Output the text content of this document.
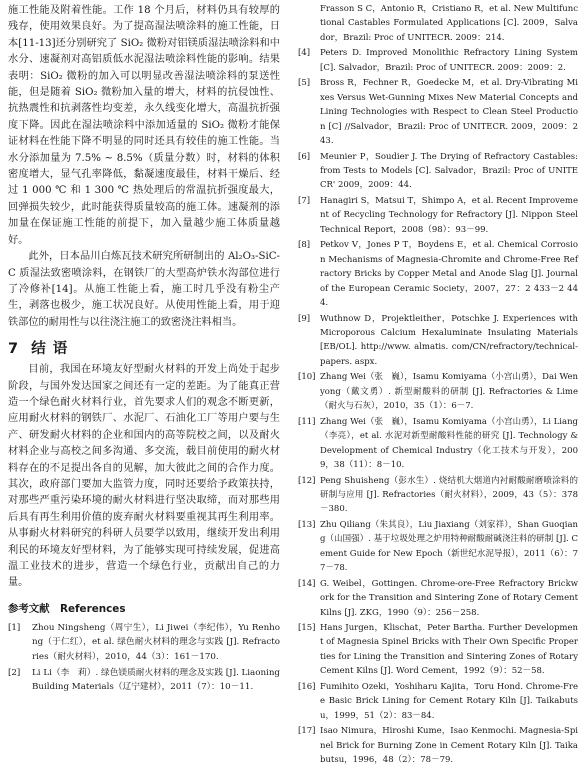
施工性能及附着性能。工作 18 个月后，材料仍具有较厚的残存，使用效果良好。为了提高湿法喷涂料的施工性能，日本[11-13]还分别研究了 SiO₂ 微粉对铝镁质湿法喷涂料和中水分、速凝剂对高铝质低水泥湿法喷涂料性能的影响。结果表明：SiO₂ 微粉的加入可以明显改善湿法喷涂料的泵送性能，但是随着 SiO₂ 微粉加入量的增大，材料的抗侵蚀性、抗热震性和抗剥落性均变差，永久线变化增大，高温抗折强度下降。因此在湿法喷涂料中添加适量的 SiO₂ 微粉才能保证材料在性能下降不明显的同时还具有较佳的施工性能。当水分添加量为 7.5% ~ 8.5%（质量分数）时，材料的体积密度增大，显气孔率降低，黏凝速度最佳，材料干燥后、经过 1 000 ℃ 和 1 300 ℃ 热处理后的常温抗折强度最大，回弹损失较少，此时能获得质量较高的施工体。速凝剂的添加量在保证施工性能的前提下，加入量越少施工体质量越好。

此外，日本品川白炼瓦技术研究所研制出的 Al₂O₃-SiC-C 质湿法致密喷涂料，在钢铁厂的大型高炉铁水沟部位进行了冷修补[14]。从施工性能上看，施工时几乎没有粉尘产生，剥落也极少，施工状况良好。从使用性能上看，用于迎铁部位的耐用性与以往浇注施工的致密浇注料相当。

7 结 语

目前，我国在环境友好型耐火材料的开发上尚处于起步阶段，与国外发达国家之间还有一定的差距。为了能真正营造一个绿色耐火材料行业，首先要求人们的观念不断更新，应用耐火材料的钢铁厂、水泥厂、石油化工厂等用户要与生产、研发耐火材料的企业和国内的高等院校之间，以及耐火材料企业与高校之间多沟通、多交流，载目前使用的耐火材料存在的不足提出各自的见解，加大彼此之间的合作力度。其次，政府部门要加大监管力度，同时还要给予政策扶持，对那些严重污染环境的耐火材料进行坚决取缔，而对那些用后具有再生利用价值的废弃耐火材料要重视其再生利用率。从事耐火材料研究的科研人员要学以致用，继续开发出利用利民的环境友好型材料，为了能够实现可持续发展，促进高温工业技术的进步，营造一个绿色行业，贡献出自己的力量。

参考文献　References
[1]	Zhou Ningsheng（周宁生），Li Jiwei（李纪伟），Yu Renhong（于仁红），et al. 绿色耐火材料的理念与实践 [J]. Refractories（耐火材料），2010，44（3）：161－170.
[2]	Li Li（李　莉）. 绿色镁质耐火材料的理念及实践 [J]. Liaoning Building Materials（辽宁建材），2011（7）：10－11.
Frasson S C，Antonio R，Cristiano R，et al. New Multifunctional Castables Formulated Applications [C]. 2009，Salvador，Brazil: Proc of UNITECR. 2009：214.
[4]	Peters D. Improved Monolithic Refractory Lining System [C]. Salvador，Brazil: Proc of UNITECR. 2009：2009：2.
[5]	Bross R，Fechner R，Goedecke M，et al. Dry-Vibrating Mixes Versus Wet-Gunning Mixes New Material Concepts and Lining Technologies with Respect to Clean Steel Production [C] //Salvador，Brazil: Proc of UNITECR. 2009，2009：243.
[6]	Meunier P，Soudier J. The Drying of Refractory Castables: from Tests to Models [C]. Salvador，Brazil: Proc of UNITECR' 2009，2009：44.
[7]	Hanagiri S，Matsui T，Shimpo A，et al. Recent Improvement of Recycling Technology for Refractory [J]. Nippon Steel Technical Report，2008（98）：93－99.
[8]	Petkov V，Jones P T，Boydens E，et al. Chemical Corrosion Mechanisms of Magnesia-Chromite and Chrome-Free Refractory Bricks by Copper Metal and Anode Slag [J]. Journal of the European Ceramic Society，2007，27：2 433－2 444.
[9]	Wuthnow D，Projektleither，Potschke J. Experiences with Microporous Calcium Hexaluminate Insulating Materials [EB/OL]. http://www. almatis. com/CN/refractory/technical-papers. aspx.
[10] Zhang Wei（张　巍），Isamu Komiyama（小宫山勇），Dai Wenyong（戴文勇）. 新型耐酸料的研制 [J]. Refractories & Lime（耐火与石灰），2010，35（1）：6－7.
[11] Zhang Wei（张　巍），Isamu Komiyama（小宫山勇），Li Liang（李亮），et al. 水泥对新型耐酸料性能的研究 [J]. Technology & Development of Chemical Industry（化工技术与开发），2009，38（11）：8－10.
[12] Peng Shuisheng（彭水生）. 烧结机大烟道内衬耐酸耐磨喷涂料的研制与应用 [J]. Refractories（耐火材料），2009，43（5）：378－380.
[13] Zhu Qiliang（朱其良），Liu Jiaxiang（刘家祥），Shan Guoqiang（山国强）. 基于垃圾处理之炉用特种耐酸耐碱浇注料的研制 [J]. Cement Guide for New Epoch（新世纪水泥导报），2011（6）：77－78.
[14] G. Weibel，Gottingen. Chrome-ore-Free Refractory Brickwork for the Transition and Sintering Zone of Rotary Cement Kilns [J]. ZKG，1990（9）：256－258.
[15] Hans Jurgen，Klischat，Peter Bartha. Further Development of Magnesia Spinel Bricks with Their Own Specific Properties for Lining the Transition and Sintering Zones of Rotary Cement Kilns [J]. Word Cement，1992（9）：52－58.
[16] Fumihito Ozeki，Yoshiharu Kajita，Toru Hond. Chrome-Free Basic Brick Lining for Cement Rotary Kiln [J]. Taikabutsu，1999，51（2）：83－84.
[17] Isao Nimura，Hiroshi Kume，Isao Kenmochi. Magnesia-Spinel Brick for Burning Zone in Cement Rotary Kiln [J]. Taikabutsu，1996，48（2）：78－79.
